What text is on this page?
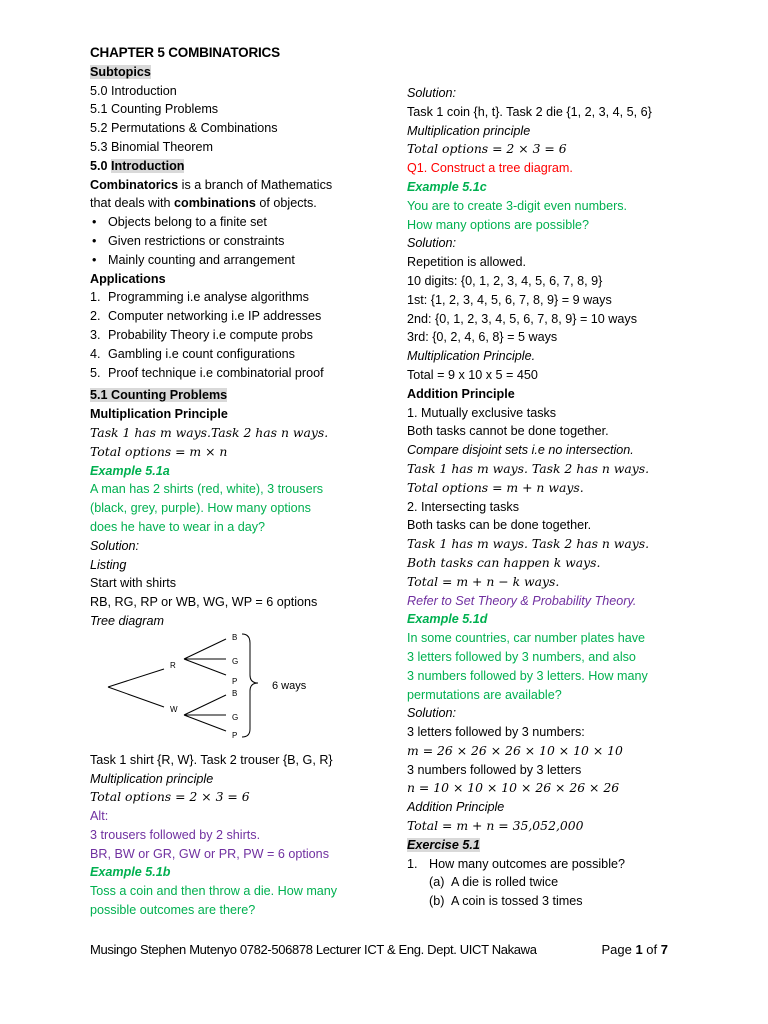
CHAPTER 5 COMBINATORICS
Subtopics
5.0 Introduction
5.1 Counting Problems
5.2 Permutations & Combinations
5.3 Binomial Theorem
5.0 Introduction
Combinatorics is a branch of Mathematics
that deals with combinations of objects.
• Objects belong to a finite set
• Given restrictions or constraints
• Mainly counting and arrangement
Applications
1. Programming i.e analyse algorithms
2. Computer networking i.e IP addresses
3. Probability Theory i.e compute probs
4. Gambling i.e count configurations
5. Proof technique i.e combinatorial proof
5.1 Counting Problems
Multiplication Principle
Task 1 has m ways.Task 2 has n ways.
Total options = m × n
Example 5.1a
A man has 2 shirts (red, white), 3 trousers
(black, grey, purple). How many options
does he have to wear in a day?
Solution:
Listing
Start with shirts
RB, RG, RP or WB, WG, WP = 6 options
Tree diagram
B
G
P
B
G
P
R
W
6 ways
Task 1 shirt {R, W}. Task 2 trouser {B, G, R}
Multiplication principle
Total options = 2 × 3 = 6
Alt:
3 trousers followed by 2 shirts.
BR, BW or GR, GW or PR, PW = 6 options
Example 5.1b
Toss a coin and then throw a die. How many
possible outcomes are there?
Solution:
Task 1 coin {h, t}. Task 2 die {1, 2, 3, 4, 5, 6}
Multiplication principle
Total options = 2 × 3 = 6
Q1. Construct a tree diagram.
Example 5.1c
You are to create 3-digit even numbers.
How many options are possible?
Solution:
Repetition is allowed.
10 digits: {0, 1, 2, 3, 4, 5, 6, 7, 8, 9}
1st: {1, 2, 3, 4, 5, 6, 7, 8, 9} = 9 ways
2nd: {0, 1, 2, 3, 4, 5, 6, 7, 8, 9} = 10 ways
3rd: {0, 2, 4, 6, 8} = 5 ways
Multiplication Principle.
Total = 9 x 10 x 5 = 450
Addition Principle
1. Mutually exclusive tasks
Both tasks cannot be done together.
Compare disjoint sets i.e no intersection.
Task 1 has m ways. Task 2 has n ways.
Total options = m + n ways.
2. Intersecting tasks
Both tasks can be done together.
Task 1 has m ways. Task 2 has n ways.
Both tasks can happen k ways.
Total = m + n − k ways.
Refer to Set Theory & Probability Theory.
Example 5.1d
In some countries, car number plates have
3 letters followed by 3 numbers, and also
3 numbers followed by 3 letters. How many
permutations are available?
Solution:
3 letters followed by 3 numbers:
m = 26 × 26 × 26 × 10 × 10 × 10
3 numbers followed by 3 letters
n = 10 × 10 × 10 × 26 × 26 × 26
Addition Principle
Total = m + n = 35,052,000
Exercise 5.1
1. How many outcomes are possible?
(a) A die is rolled twice
(b) A coin is tossed 3 times
Musingo Stephen Mutenyo 0782-506878 Lecturer ICT & Eng. Dept. UICT Nakawa	Page 1 of 7
